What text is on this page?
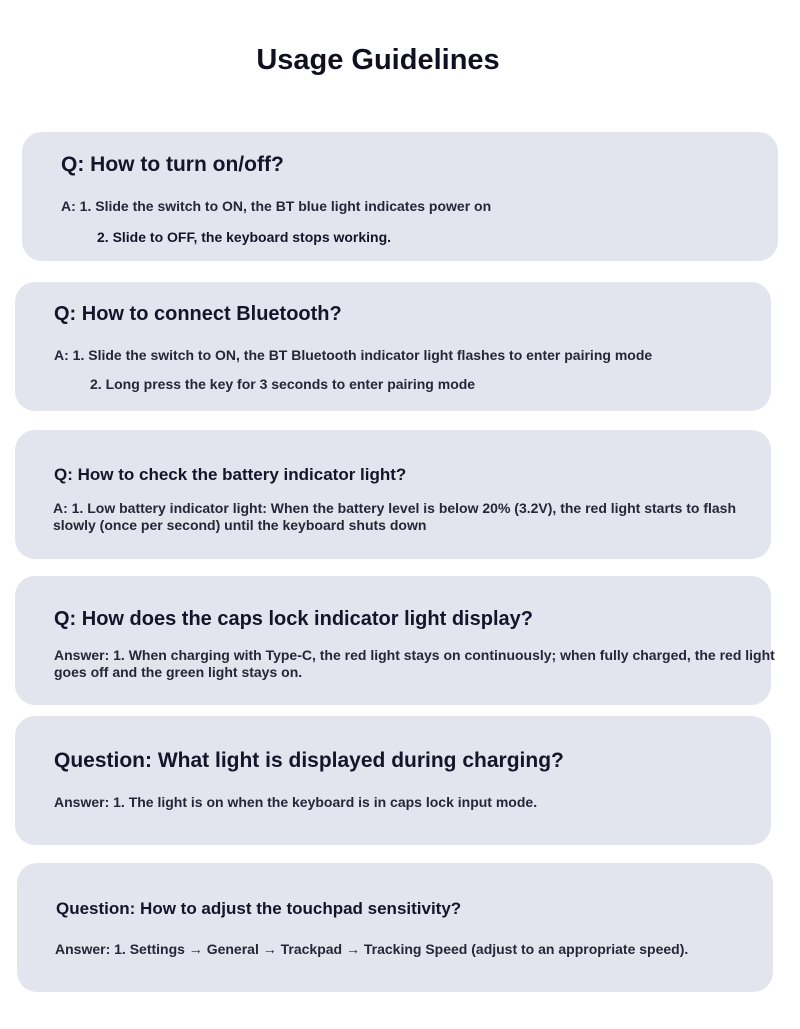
Usage Guidelines
Q: How to turn on/off?

A: 1. Slide the switch to ON, the BT blue light indicates power on

2. Slide to OFF, the keyboard stops working.

Q: How to connect Bluetooth?

A: 1. Slide the switch to ON, the BT Bluetooth indicator light flashes to enter pairing mode

2. Long press the key for 3 seconds to enter pairing mode

Q: How to check the battery indicator light?

A: 1. Low battery indicator light: When the battery level is below 20% (3.2V), the red light starts to flash slowly (once per second) until the keyboard shuts down

Q: How does the caps lock indicator light display?

Answer: 1. When charging with Type-C, the red light stays on continuously; when fully charged, the red light goes off and the green light stays on.

Question: What light is displayed during charging?

Answer: 1. The light is on when the keyboard is in caps lock input mode.

Question: How to adjust the touchpad sensitivity?

Answer: 1. Settings → General → Trackpad → Tracking Speed (adjust to an appropriate speed).
